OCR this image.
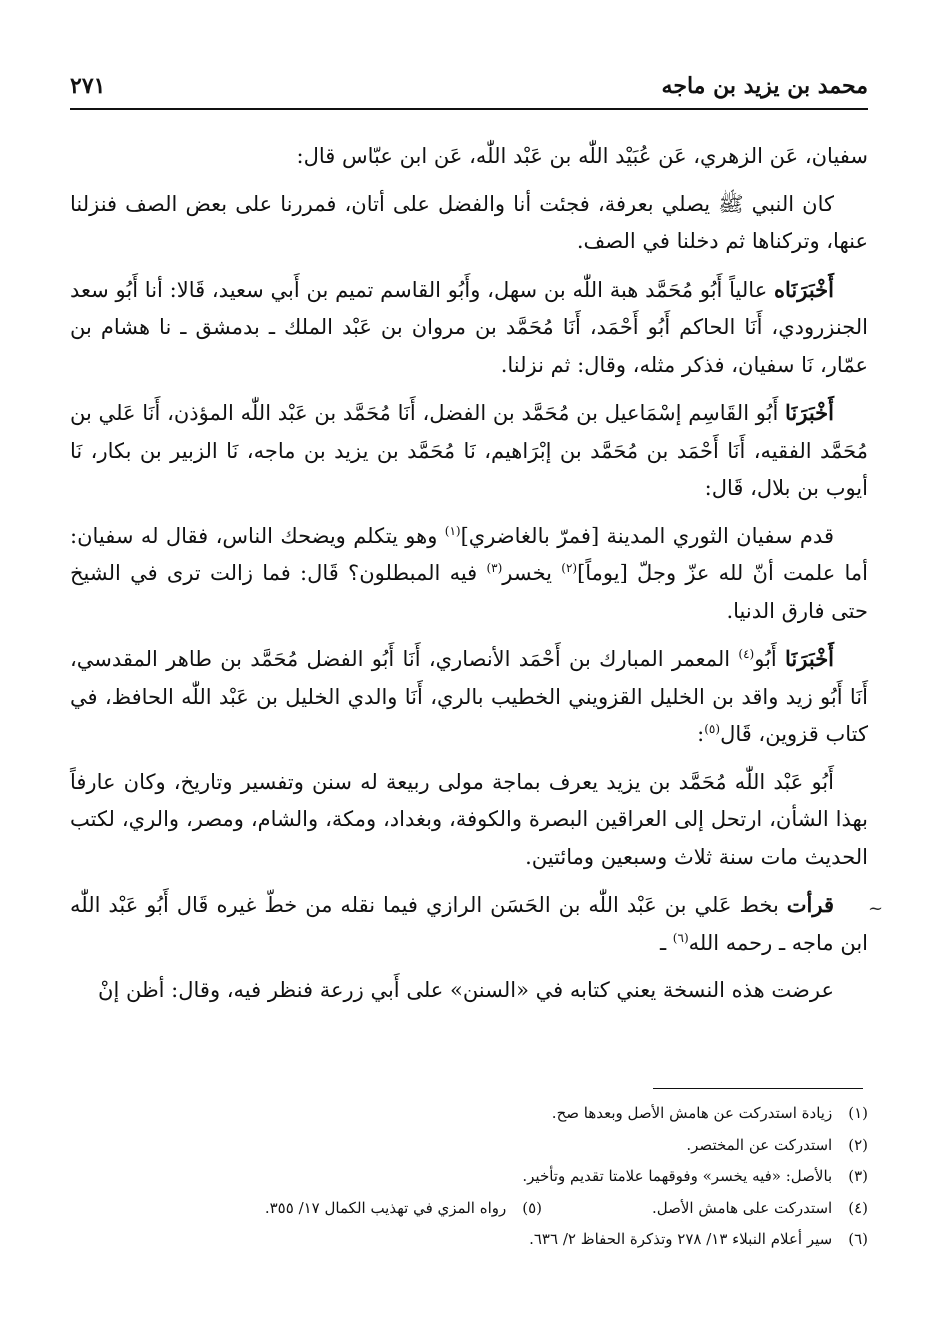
محمد بن يزيد بن ماجه
٢٧١

سفيان، عَن الزهري، عَن عُبَيْد اللّٰه بن عَبْد اللّٰه، عَن ابن عبّاس قال:

كان النبي ﷺ يصلي بعرفة، فجئت أنا والفضل على أتان، فمررنا على بعض الصف فنزلنا عنها، وتركناها ثم دخلنا في الصف.

أَخْبَرَنَاه عالياً أَبُو مُحَمَّد هبة اللّٰه بن سهل، وأَبُو القاسم تميم بن أَبي سعيد، قَالا: أنا أَبُو سعد الجنزرودي، أَنَا الحاكم أَبُو أَحْمَد، أَنَا مُحَمَّد بن مروان بن عَبْد الملك ـ بدمشق ـ نا هشام بن عمّار، نَا سفيان، فذكر مثله، وقال: ثم نزلنا.

أَخْبَرَنَا أَبُو القَاسِم إسْمَاعيل بن مُحَمَّد بن الفضل، أَنَا مُحَمَّد بن عَبْد اللّٰه المؤذن، أَنَا عَلي بن مُحَمَّد الفقيه، أَنَا أَحْمَد بن مُحَمَّد بن إبْرَاهيم، نَا مُحَمَّد بن يزيد بن ماجه، نَا الزبير بن بكار، نَا أيوب بن بلال، قَال:

قدم سفيان الثوري المدينة [فمرّ بالغاضري]$^{(١)}$ وهو يتكلم ويضحك الناس، فقال له سفيان: أما علمت أنّ لله عزّ وجلّ [يوماً]$^{(٢)}$ يخسر$^{(٣)}$ فيه المبطلون؟ قَال: فما زالت ترى في الشيخ حتى فارق الدنيا.

أَخْبَرَنَا أَبُو$^{(٤)}$ المعمر المبارك بن أَحْمَد الأنصاري، أَنَا أَبُو الفضل مُحَمَّد بن طاهر المقدسي، أَنَا أَبُو زيد واقد بن الخليل القزويني الخطيب بالري، أَنَا والدي الخليل بن عَبْد اللّٰه الحافظ، في كتاب قزوين، قَال$^{(٥)}$:

أَبُو عَبْد اللّٰه مُحَمَّد بن يزيد يعرف بماجة مولى ربيعة له سنن وتفسير وتاريخ، وكان عارفاً بهذا الشأن، ارتحل إلى العراقين البصرة والكوفة، وبغداد، ومكة، والشام، ومصر، والري، لكتب الحديث مات سنة ثلاث وسبعين ومائتين.

قرأت بخط عَلي بن عَبْد اللّٰه بن الحَسَن الرازي فيما نقله من خطّ غيره قَال أَبُو عَبْد اللّٰه ابن ماجه ـ رحمه الله$^{(٦)}$ ـ

عرضت هذه النسخة يعني كتابه في «السنن» على أَبي زرعة فنظر فيه، وقال: أظن إنْ

~
(١)
زيادة استدركت عن هامش الأصل وبعدها صح.
(٢)
استدركت عن المختصر.
(٣)
بالأصل: «فيه يخسر» وفوقهما علامتا تقديم وتأخير.
(٤)
استدركت على هامش الأصل.
(٥)
رواه المزي في تهذيب الكمال ١٧/ ٣٥٥.
(٦)
سير أعلام النبلاء ١٣/ ٢٧٨ وتذكرة الحفاظ ٢/ ٦٣٦.
